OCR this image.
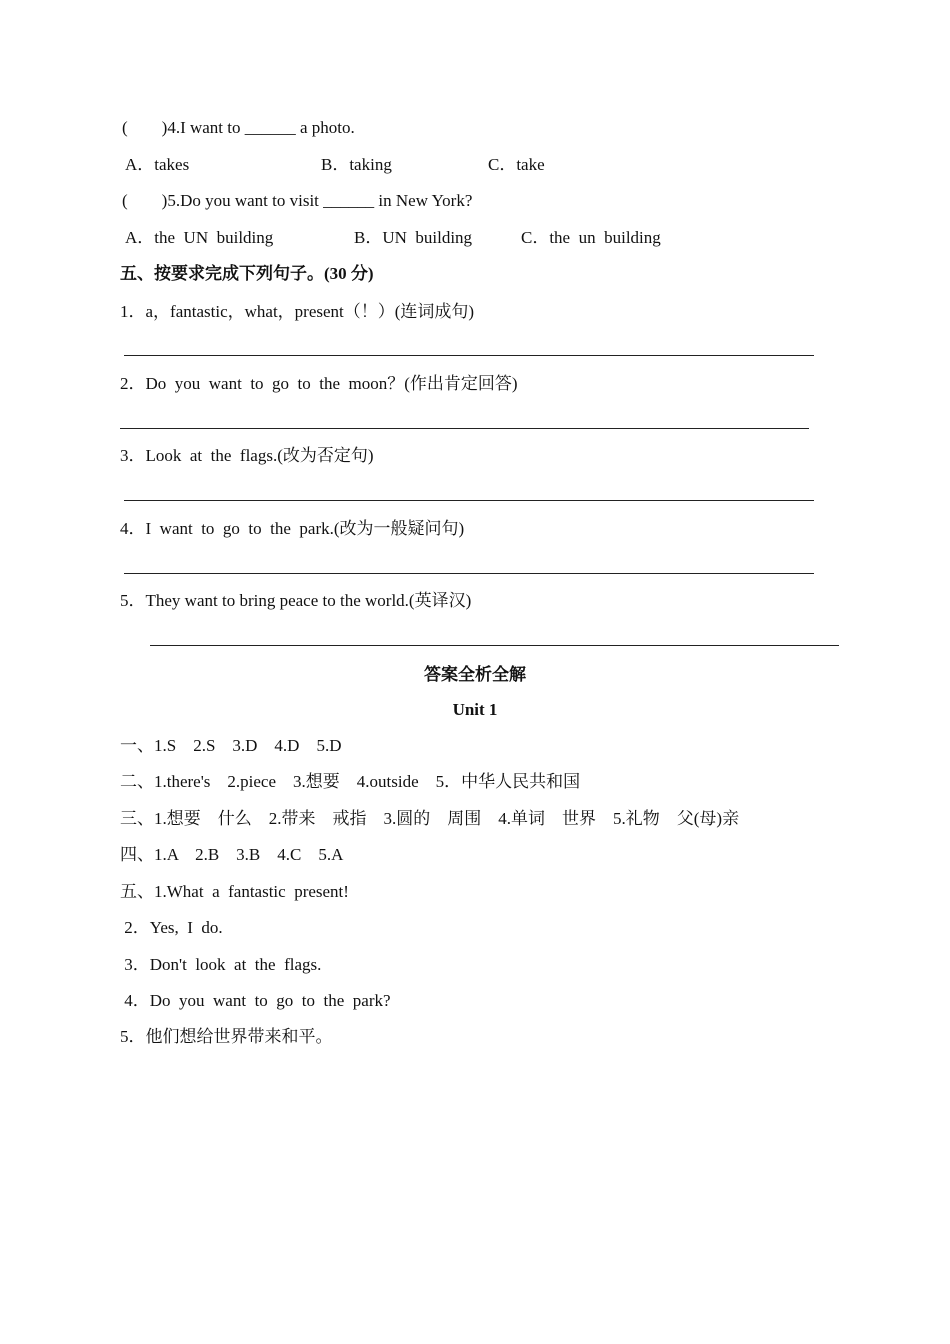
(        )4.I want to ______ a photo.

A．takes	B．taking	C．take

(        )5.Do you want to visit ______ in New York?

A．the  UN  building	B．UN  building	C．the  un  building

五、按要求完成下列句子。(30 分)

1．a，fantastic，what，present（！）(连词成句)

2．Do  you  want  to  go  to  the  moon？(作出肯定回答)

3．Look  at  the  flags.(改为否定句)

4．I  want  to  go  to  the  park.(改为一般疑问句)

5．They want to bring peace to the world.(英译汉)

答案全析全解

Unit 1

一、1.S    2.S    3.D    4.D    5.D

二、1.there's    2.piece    3.想要    4.outside    5．中华人民共和国

三、1.想要    什么    2.带来    戒指    3.圆的    周围    4.单词    世界    5.礼物    父(母)亲

四、1.A    2.B    3.B    4.C    5.A

五、1.What  a  fantastic  present!

2．Yes,  I  do.

3．Don't  look  at  the  flags.

4．Do  you  want  to  go  to  the  park?

5．他们想给世界带来和平。
